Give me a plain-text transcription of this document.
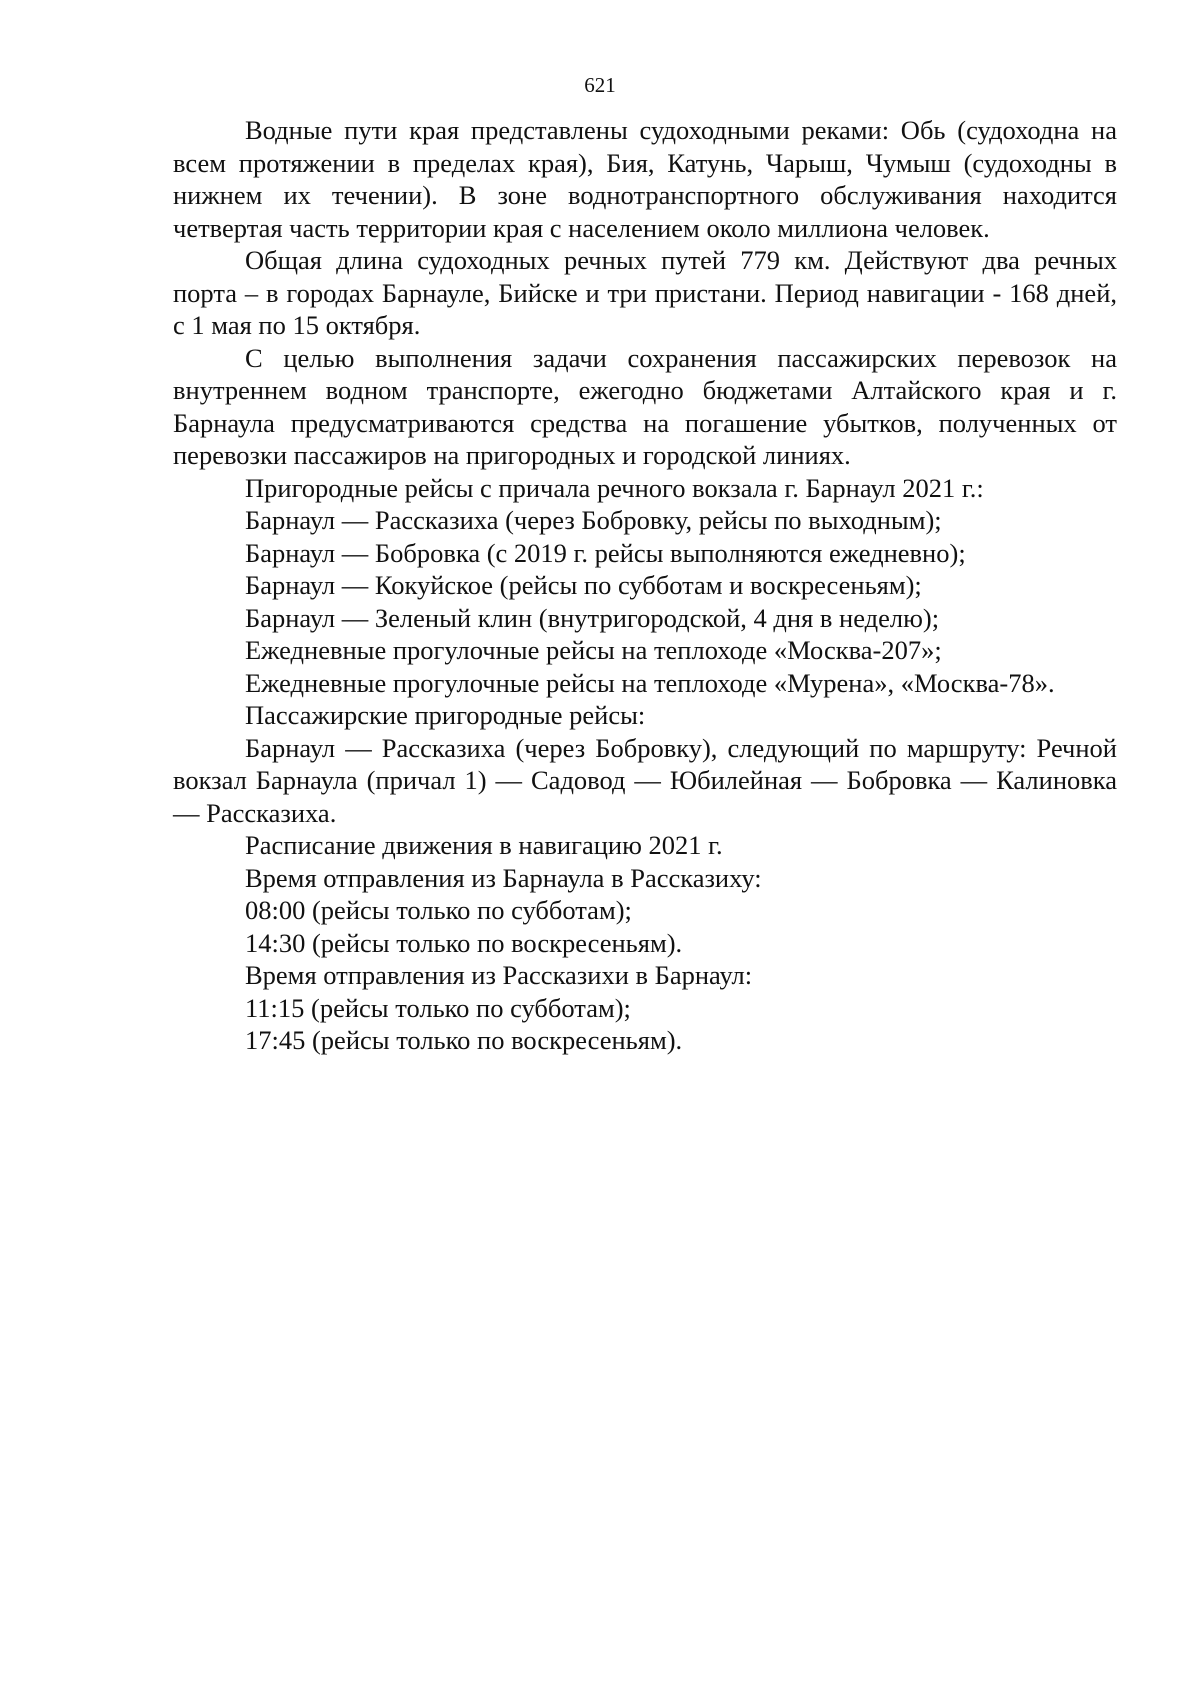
621

Водные пути края представлены судоходными реками: Обь (судоходна на всем протяжении в пределах края), Бия, Катунь, Чарыш, Чумыш (судоходны в нижнем их течении). В зоне воднотранспортного обслуживания находится четвертая часть территории края с населением около миллиона человек.

Общая длина судоходных речных путей 779 км. Действуют два речных порта – в городах Барнауле, Бийске и три пристани. Период навигации - 168 дней, с 1 мая по 15 октября.

С целью выполнения задачи сохранения пассажирских перевозок на внутреннем водном транспорте, ежегодно бюджетами Алтайского края и г. Барнаула предусматриваются средства на погашение убытков, полученных от перевозки пассажиров на пригородных и городской линиях.

Пригородные рейсы с причала речного вокзала г. Барнаул 2021 г.:

Барнаул — Рассказиха (через Бобровку, рейсы по выходным);

Барнаул — Бобровка (с 2019 г. рейсы выполняются ежедневно);

Барнаул — Кокуйское (рейсы по субботам и воскресеньям);

Барнаул — Зеленый клин (внутригородской, 4 дня в неделю);

Ежедневные прогулочные рейсы на теплоходе «Москва-207»;

Ежедневные прогулочные рейсы на теплоходе «Мурена», «Москва-78».

Пассажирские пригородные рейсы:

Барнаул — Рассказиха (через Бобровку), следующий по маршруту: Речной вокзал Барнаула (причал 1) — Садовод — Юбилейная — Бобровка — Калиновка — Рассказиха.

Расписание движения в навигацию 2021 г.

Время отправления из Барнаула в Рассказиху:

08:00 (рейсы только по субботам);

14:30 (рейсы только по воскресеньям).

Время отправления из Рассказихи в Барнаул:

11:15 (рейсы только по субботам);

17:45 (рейсы только по воскресеньям).
